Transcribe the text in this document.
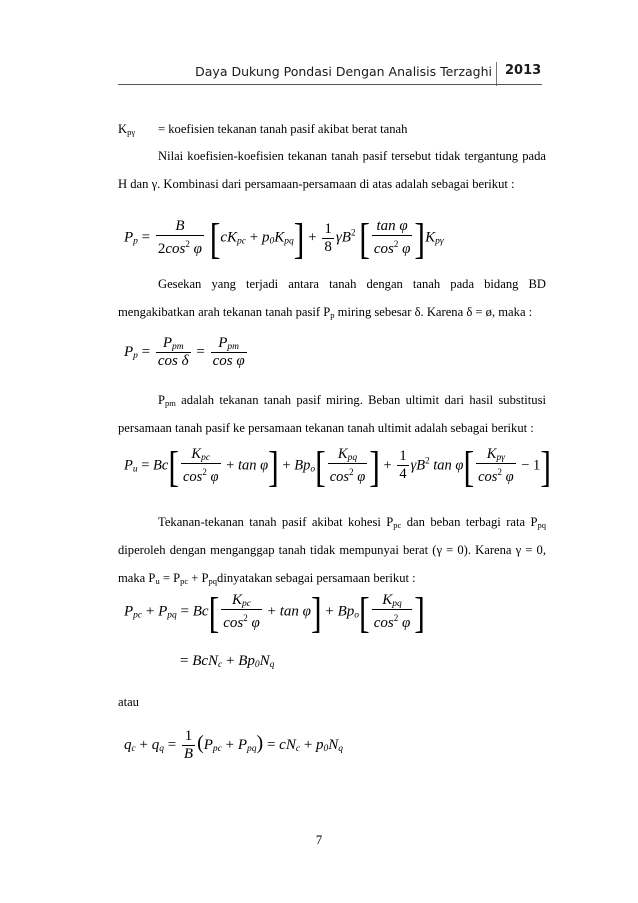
Daya Dukung Pondasi Dengan Analisis Terzaghi 2013
$K_{p\gamma}$ = koefisien tekanan tanah pasif akibat berat tanah
Nilai koefisien-koefisien tekanan tanah pasif tersebut tidak tergantung pada H dan γ. Kombinasi dari persamaan-persamaan di atas adalah sebagai berikut :
$P_p = \frac{B}{2\cos^2 \varphi} [cK_{pc} + p_0K_{pq}] + \frac{1}{8} \gamma B^2$ [ $\frac{\text{tan φ}}{\cos^2 \varphi} ]K_{p\gamma}$
Gesekan yang terjadi antara tanah dengan tanah pada bidang BD mengakibatkan arah tekanan tanah pasif $P_p$ miring sebesar δ. Karena δ = ø, maka :
$P_p = \frac{P_{pm}}{\text{cos δ}} = \frac{P_{pm}}{\text{cos φ}}$
$P_{pm}$ adalah tekanan tanah pasif miring. Beban ultimit dari hasil substitusi persamaan tanah pasif ke persamaan tekanan tanah ultimit adalah sebagai berikut :
$P_u = Bc[ \frac{K_{pc}}{\cos^2 \varphi} + \tan \varphi] + Bp_o[ \frac{K_{pq}}{\cos^2 \varphi}$ ] + $\frac{1}{4} \gamma B^2$ $\tan \varphi[ \frac{K_{p\gamma}}{\cos^2 \varphi} - 1]$
Tekanan-tekanan tanah pasif akibat kohesi $P_{pc}$ dan beban terbagi rata $P_{pq}$ diperoleh dengan menganggap tanah tidak mempunyai berat (γ = 0). Karena γ = 0, maka $P_u = P_{pc}$ + $P_{pq}dinyatakan$ sebagai persamaan berikut :
$P_{pc} + P_{pq} = Bc[ \frac{K_{pc}}{\cos^2 \varphi} + \tan \varphi] + Bp_o[ \frac{K_{pq}}{\cos^2 \varphi}$ ]
= $BcN_c + Bp_0N_q$
atau
$q_c + q_q = \frac{1}{B} (P_{pc} + P_{pq}) = cN_c + p_0N_q$
7
